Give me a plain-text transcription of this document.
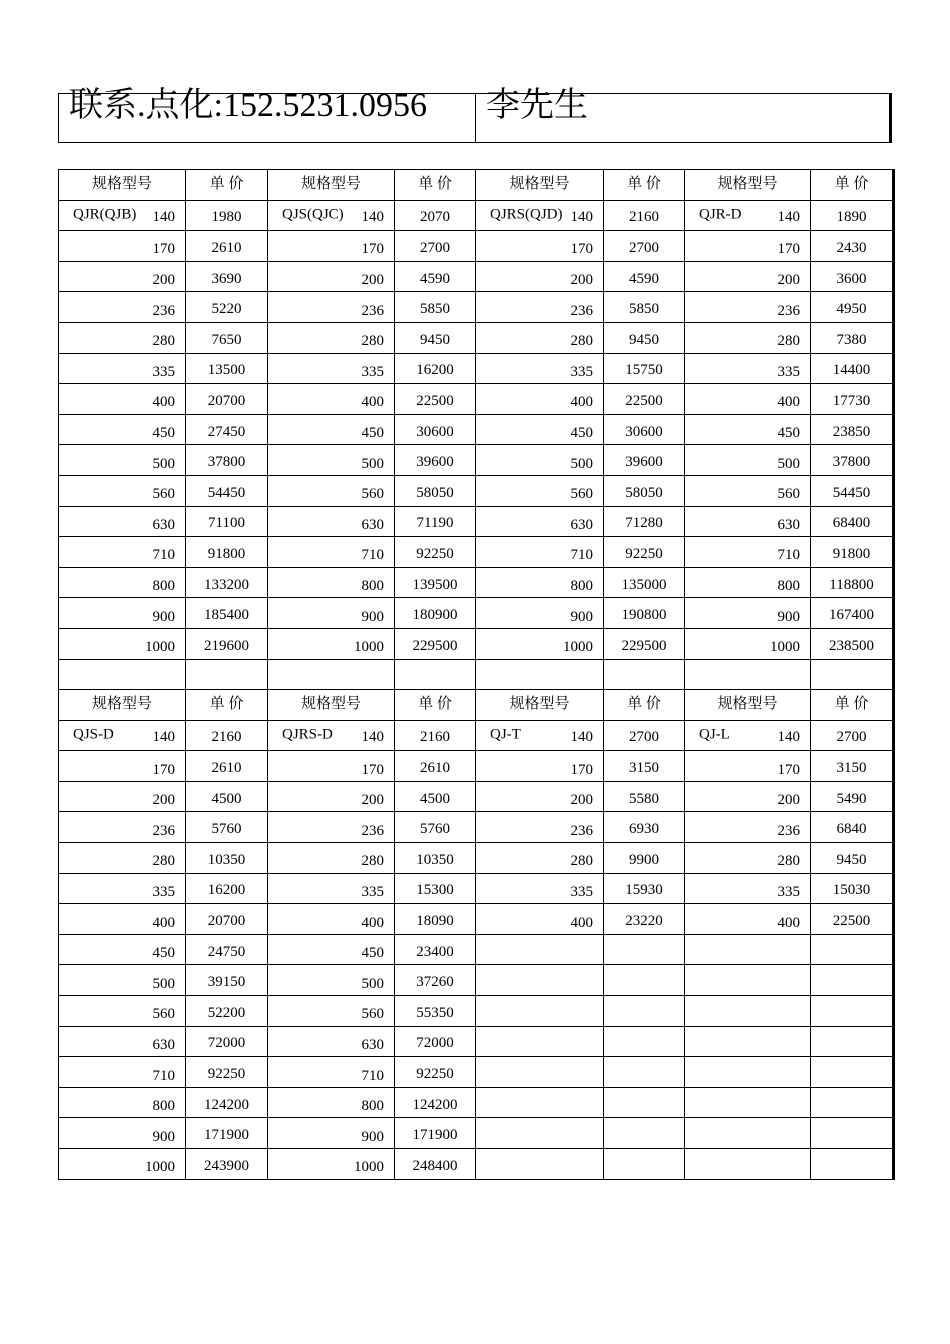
联系.点化:152.5231.0956 李先生
规格型号	单 价	规格型号	单 价	规格型号	单 价	规格型号	单 价

QJR(QJB) 140	1980	QJS(QJC) 140	2070	QJRS(QJD) 140	2160	QJR-D 140	1890
170	2610	170	2700	170	2700	170	2430
200	3690	200	4590	200	4590	200	3600
236	5220	236	5850	236	5850	236	4950
280	7650	280	9450	280	9450	280	7380
335	13500	335	16200	335	15750	335	14400
400	20700	400	22500	400	22500	400	17730
450	27450	450	30600	450	30600	450	23850
500	37800	500	39600	500	39600	500	37800
560	54450	560	58050	560	58050	560	54450
630	71100	630	71190	630	71280	630	68400
710	91800	710	92250	710	92250	710	91800
800	133200	800	139500	800	135000	800	118800
900	185400	900	180900	900	190800	900	167400
1000	219600	1000	229500	1000	229500	1000	238500

规格型号	单 价	规格型号	单 价	规格型号	单 价	规格型号	单 价

QJS-D 140	2160	QJRS-D 140	2160	QJ-T 140	2700	QJ-L 140	2700
170	2610	170	2610	170	3150	170	3150
200	4500	200	4500	200	5580	200	5490
236	5760	236	5760	236	6930	236	6840
280	10350	280	10350	280	9900	280	9450
335	16200	335	15300	335	15930	335	15030
400	20700	400	18090	400	23220	400	22500
450	24750	450	23400				
500	39150	500	37260				
560	52200	560	55350				
630	72000	630	72000				
710	92250	710	92250				
800	124200	800	124200				
900	171900	900	171900				
1000	243900	1000	248400				
